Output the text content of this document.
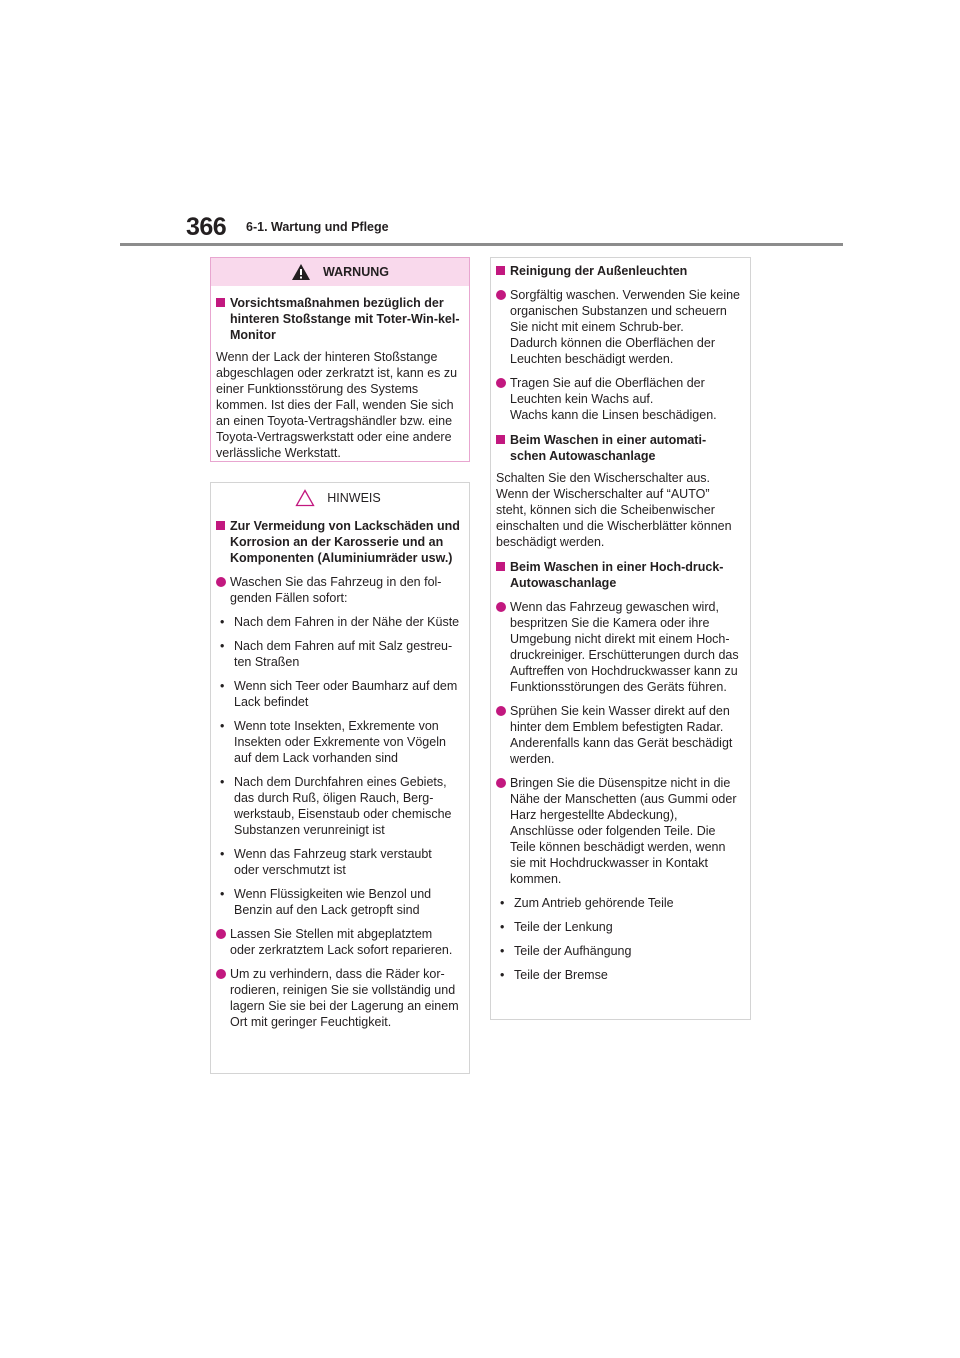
366 6-1. Wartung und Pflege
WARNUNG
Vorsichtsmaßnahmen bezüglich der hinteren Stoßstange mit Toter-Win-kel-Monitor
Wenn der Lack der hinteren Stoßstange abgeschlagen oder zerkratzt ist, kann es zu einer Funktionsstörung des Systems kommen. Ist dies der Fall, wenden Sie sich an einen Toyota-Vertragshändler bzw. eine Toyota-Vertragswerkstatt oder eine andere verlässliche Werkstatt.
HINWEIS
Zur Vermeidung von Lackschäden und Korrosion an der Karosserie und an Komponenten (Aluminiumräder usw.)
Waschen Sie das Fahrzeug in den fol-genden Fällen sofort:
• Nach dem Fahren in der Nähe der Küste
• Nach dem Fahren auf mit Salz gestreu-ten Straßen
• Wenn sich Teer oder Baumharz auf dem Lack befindet
• Wenn tote Insekten, Exkremente von Insekten oder Exkremente von Vögeln auf dem Lack vorhanden sind
• Nach dem Durchfahren eines Gebiets, das durch Ruß, öligen Rauch, Berg-werkstaub, Eisenstaub oder chemische Substanzen verunreinigt ist
• Wenn das Fahrzeug stark verstaubt oder verschmutzt ist
• Wenn Flüssigkeiten wie Benzol und Benzin auf den Lack getropft sind
Lassen Sie Stellen mit abgeplatztem oder zerkratztem Lack sofort reparieren.
Um zu verhindern, dass die Räder kor-rodieren, reinigen Sie sie vollständig und lagern Sie sie bei der Lagerung an einem Ort mit geringer Feuchtigkeit.
Reinigung der Außenleuchten
Sorgfältig waschen. Verwenden Sie keine organischen Substanzen und scheuern Sie nicht mit einem Schrub-ber.
Dadurch können die Oberflächen der Leuchten beschädigt werden.
Tragen Sie auf die Oberflächen der Leuchten kein Wachs auf.
Wachs kann die Linsen beschädigen.
Beim Waschen in einer automati-schen Autowaschanlage
Schalten Sie den Wischerschalter aus. Wenn der Wischerschalter auf “AUTO” steht, können sich die Scheibenwischer einschalten und die Wischerblätter können beschädigt werden.
Beim Waschen in einer Hoch-druck-Autowaschanlage
Wenn das Fahrzeug gewaschen wird, bespritzen Sie die Kamera oder ihre Umgebung nicht direkt mit einem Hoch-druckreiniger. Erschütterungen durch das Auftreffen von Hochdruckwasser kann zu Funktionsstörungen des Geräts führen.
Sprühen Sie kein Wasser direkt auf den hinter dem Emblem befestigten Radar. Anderenfalls kann das Gerät beschädigt werden.
Bringen Sie die Düsenspitze nicht in die Nähe der Manschetten (aus Gummi oder Harz hergestellte Abdeckung), Anschlüsse oder folgenden Teile. Die Teile können beschädigt werden, wenn sie mit Hochdruckwasser in Kontakt kommen.
• Zum Antrieb gehörende Teile
• Teile der Lenkung
• Teile der Aufhängung
• Teile der Bremse
